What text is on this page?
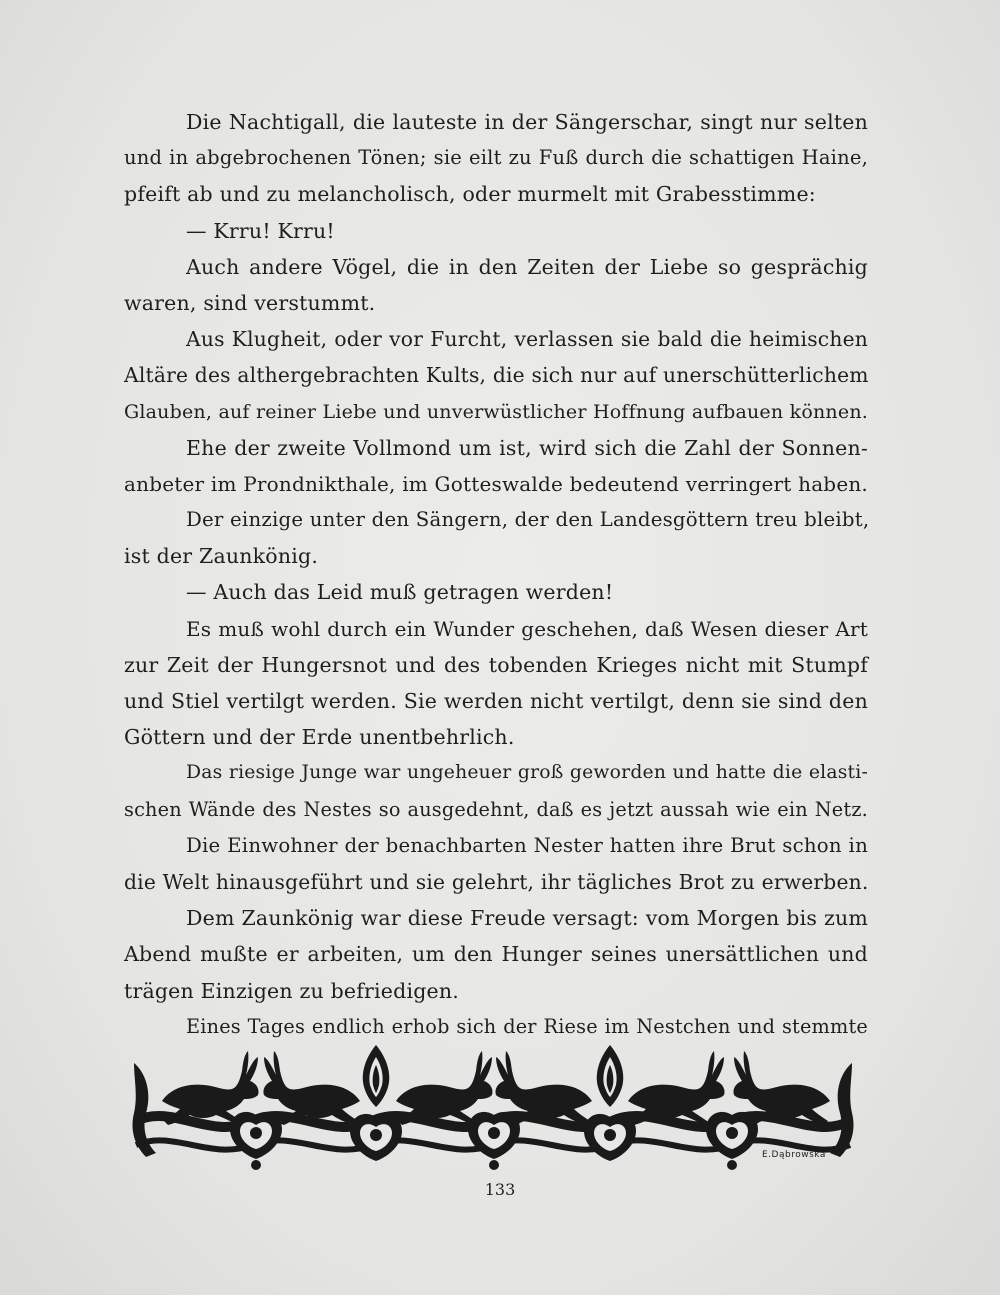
Die Nachtigall, die lauteste in der Sängerschar, singt nur selten
und in abgebrochenen Tönen; sie eilt zu Fuß durch die schattigen Haine,
pfeift ab und zu melancholisch, oder murmelt mit Grabesstimme:
— Krru! Krru!
Auch andere Vögel, die in den Zeiten der Liebe so gesprächig
waren, sind verstummt.
Aus Klugheit, oder vor Furcht, verlassen sie bald die heimischen
Altäre des althergebrachten Kults, die sich nur auf unerschütterlichem
Glauben, auf reiner Liebe und unverwüstlicher Hoffnung aufbauen können.
Ehe der zweite Vollmond um ist, wird sich die Zahl der Sonnen-
anbeter im Prondnikthale, im Gotteswalde bedeutend verringert haben.
Der einzige unter den Sängern, der den Landesgöttern treu bleibt,
ist der Zaunkönig.
— Auch das Leid muß getragen werden!
Es muß wohl durch ein Wunder geschehen, daß Wesen dieser Art
zur Zeit der Hungersnot und des tobenden Krieges nicht mit Stumpf
und Stiel vertilgt werden. Sie werden nicht vertilgt, denn sie sind den
Göttern und der Erde unentbehrlich.
Das riesige Junge war ungeheuer groß geworden und hatte die elasti-
schen Wände des Nestes so ausgedehnt, daß es jetzt aussah wie ein Netz.
Die Einwohner der benachbarten Nester hatten ihre Brut schon in
die Welt hinausgeführt und sie gelehrt, ihr tägliches Brot zu erwerben.
Dem Zaunkönig war diese Freude versagt: vom Morgen bis zum
Abend mußte er arbeiten, um den Hunger seines unersättlichen und
trägen Einzigen zu befriedigen.
Eines Tages endlich erhob sich der Riese im Nestchen und stemmte
E.Dąbrowska
133
